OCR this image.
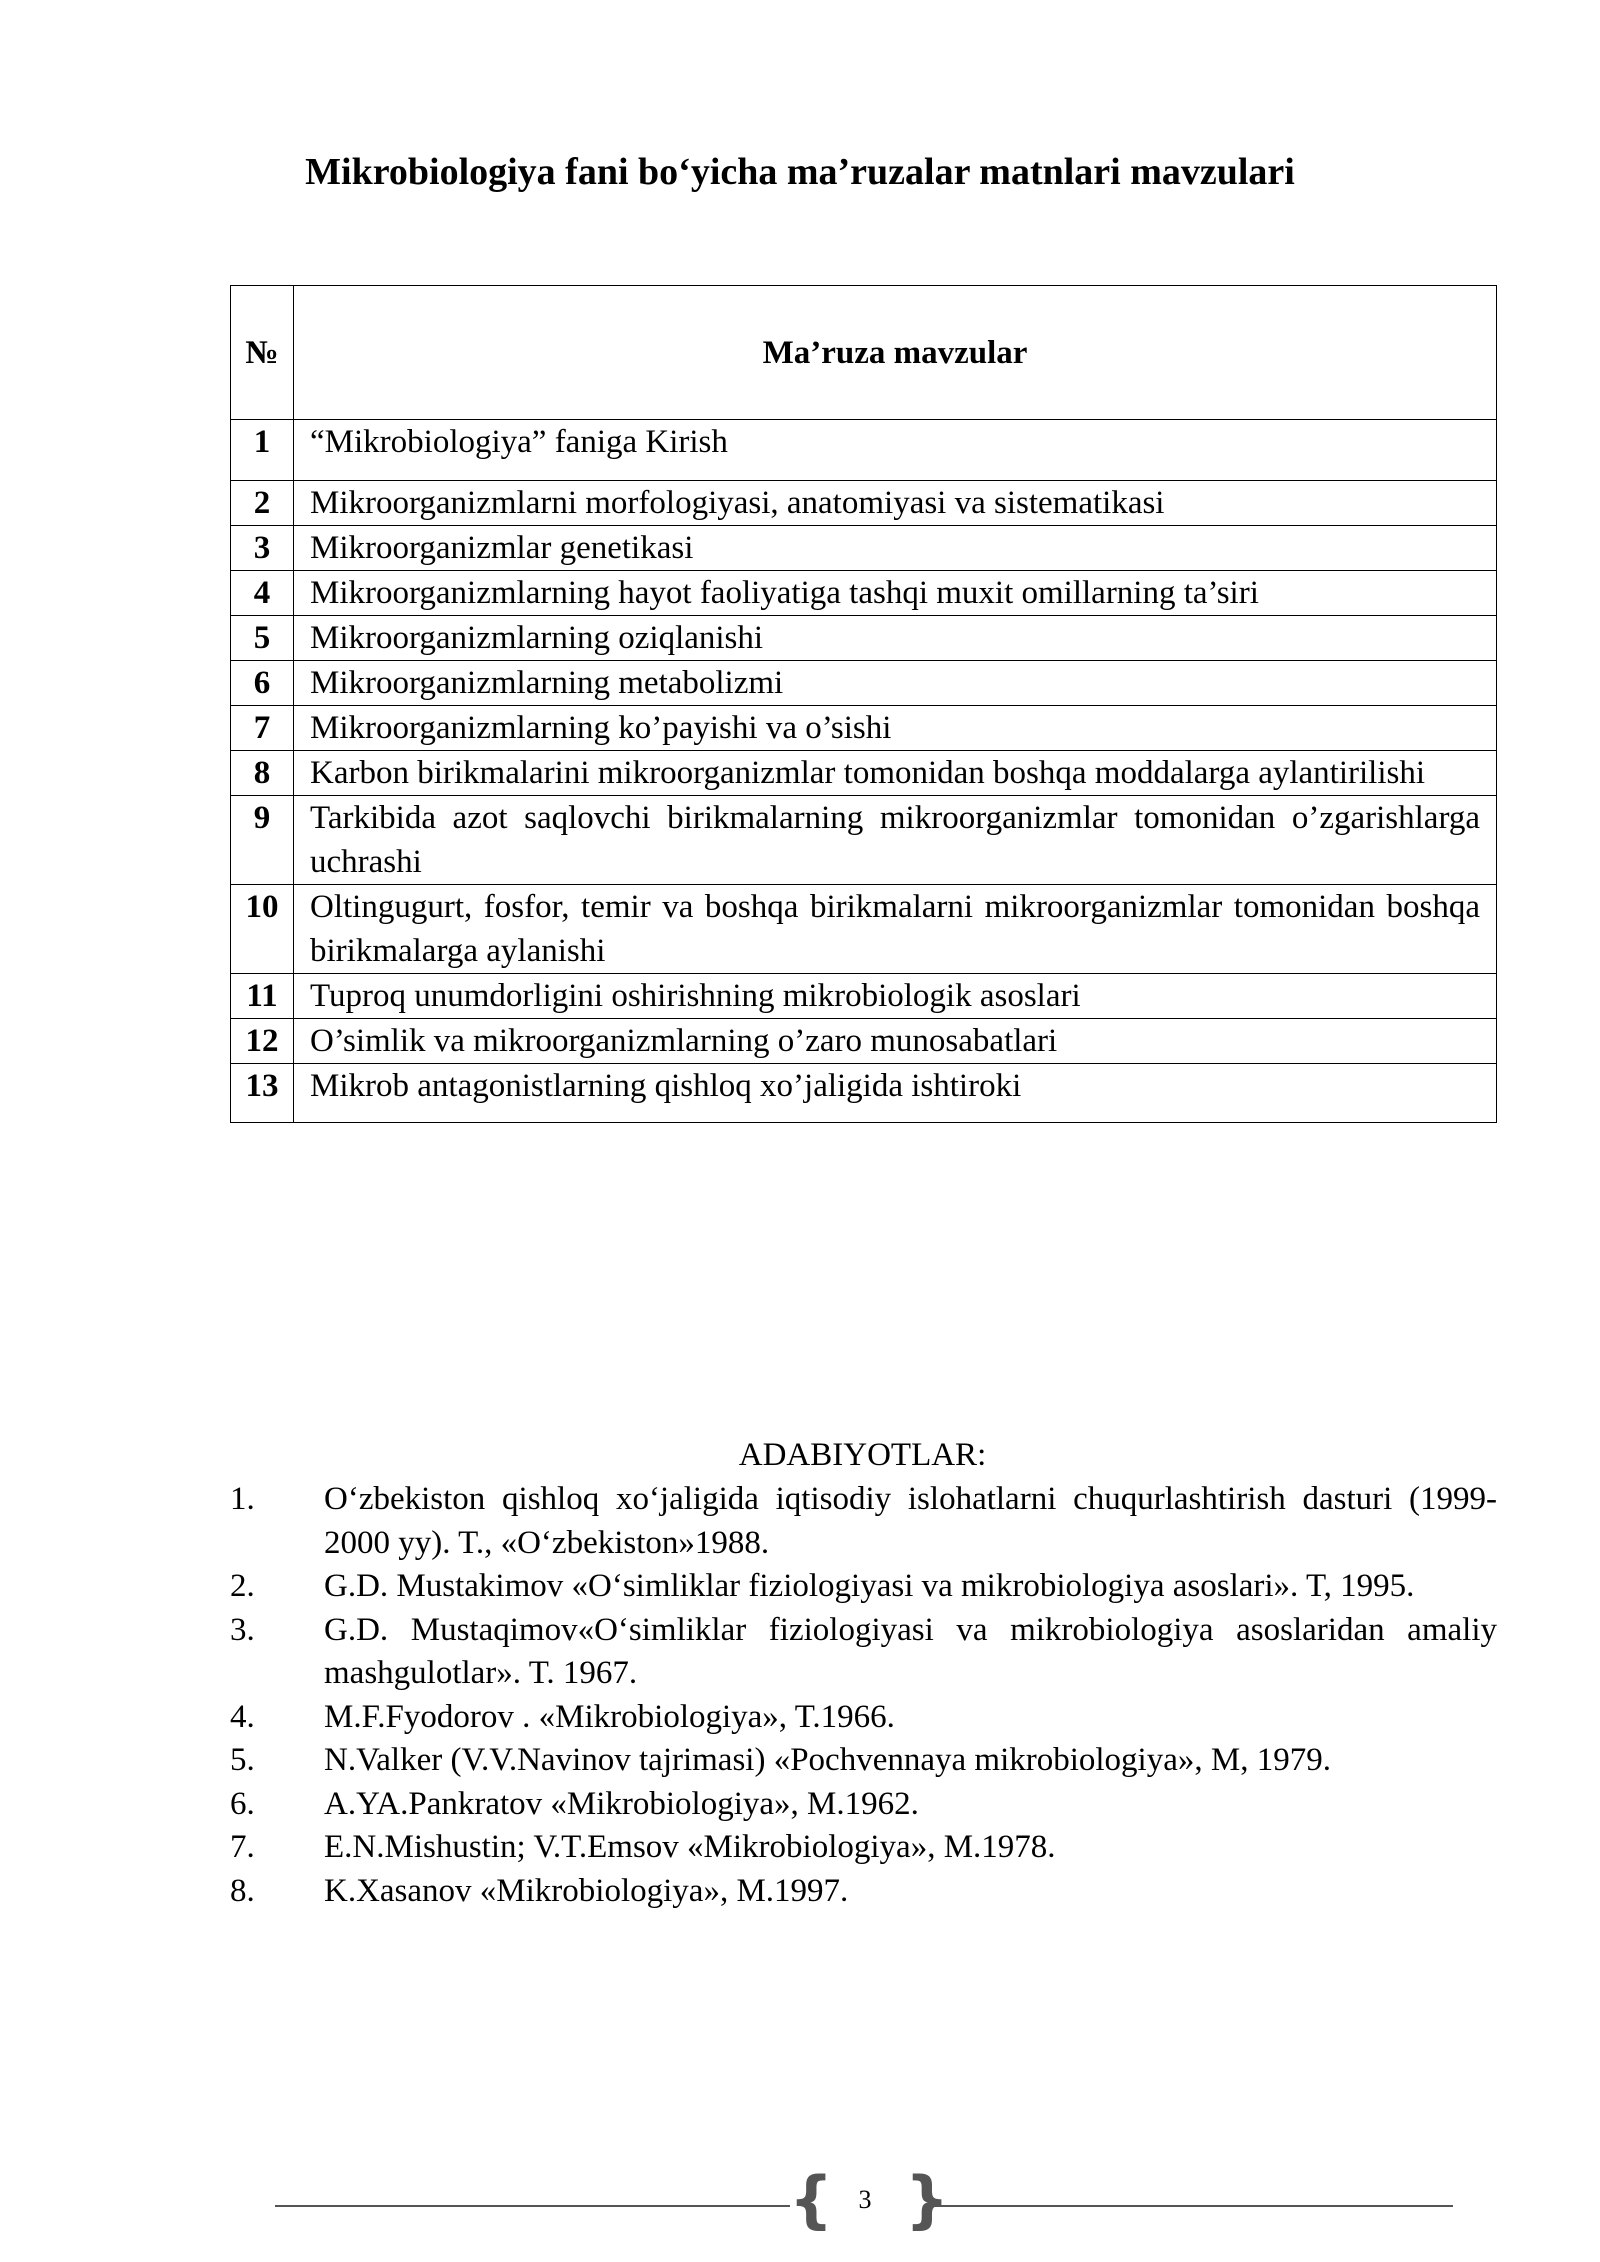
Mikrobiologiya fani bo‘yicha ma’ruzalar matnlari mavzulari
№	Ma’ruza mavzular
1	“Mikrobiologiya” faniga Kirish
2	Mikroorganizmlarni morfologiyasi, anatomiyasi va sistematikasi
3	Mikroorganizmlar genetikasi
4	Mikroorganizmlarning hayot faoliyatiga tashqi muxit omillarning ta’siri
5	Mikroorganizmlarning oziqlanishi
6	Mikroorganizmlarning metabolizmi
7	Mikroorganizmlarning ko’payishi va o’sishi
8	Karbon birikmalarini mikroorganizmlar tomonidan boshqa moddalarga aylantirilishi
9	Tarkibida azot saqlovchi birikmalarning mikroorganizmlar tomonidan o’zgarishlarga uchrashi
10	Oltingugurt, fosfor, temir va boshqa birikmalarni mikroorganizmlar tomonidan boshqa birikmalarga aylanishi
11	Tuproq unumdorligini oshirishning mikrobiologik asoslari
12	O’simlik va mikroorganizmlarning o’zaro munosabatlari
13	Mikrob antagonistlarning qishloq xo’jaligida ishtiroki
ADABIYOTLAR:
1. O‘zbekiston qishloq xo‘jaligida iqtisodiy islohatlarni chuqurlashtirish dasturi (1999-2000 yy). T., «O‘zbekiston»1988.
2. G.D. Mustakimov «O‘simliklar fiziologiyasi va mikrobiologiya asoslari». T, 1995.
3. G.D. Mustaqimov«O‘simliklar fiziologiyasi va mikrobiologiya asoslaridan amaliy mashgulotlar». T. 1967.
4. M.F.Fyodorov . «Mikrobiologiya», T.1966.
5. N.Valker (V.V.Navinov tajrimasi) «Pochvennaya mikrobiologiya», M, 1979.
6. A.YA.Pankratov «Mikrobiologiya», M.1962.
7. E.N.Mishustin; V.T.Emsov «Mikrobiologiya», M.1978.
8. K.Xasanov «Mikrobiologiya», M.1997.
{ 3 }
